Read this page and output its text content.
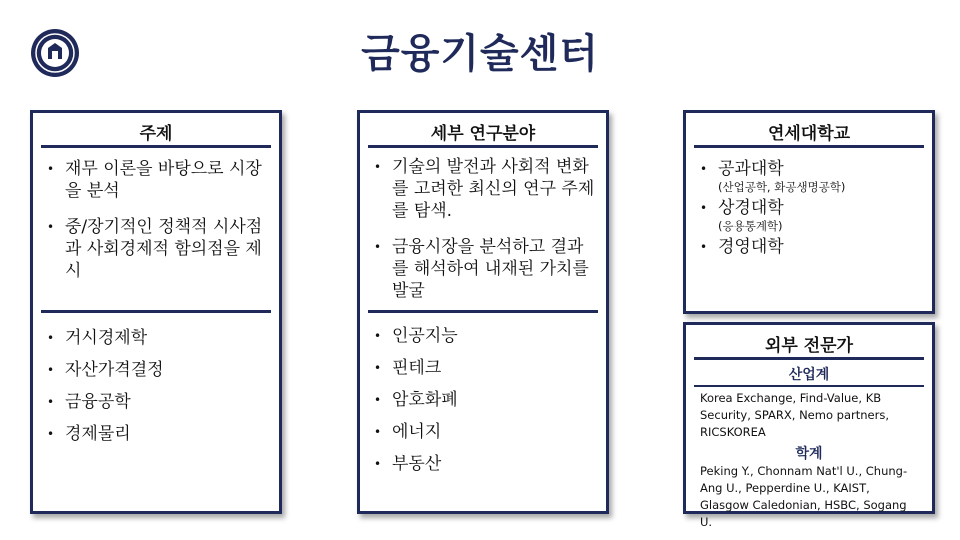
금융기술센터
주제
• 재무 이론을 바탕으로 시장을 분석
• 중/장기적인 정책적 시사점과 사회경제적 함의점을 제시
• 거시경제학
• 자산가격결정
• 금융공학
• 경제물리
세부 연구분야
• 기술의 발전과 사회적 변화를 고려한 최신의 연구 주제를 탐색.
• 금융시장을 분석하고 결과를 해석하여 내재된 가치를 발굴
• 인공지능
• 핀테크
• 암호화폐
• 에너지
• 부동산
연세대학교
• 공과대학
(산업공학, 화공생명공학)
• 상경대학
(응용통계학)
• 경영대학
외부 전문가
산업계
Korea Exchange, Find-Value, KB Security, SPARX, Nemo partners, RICSKOREA
학계
Peking Y., Chonnam Nat'l U., Chung-Ang U., Pepperdine U., KAIST, Glasgow Caledonian, HSBC, Sogang U.
